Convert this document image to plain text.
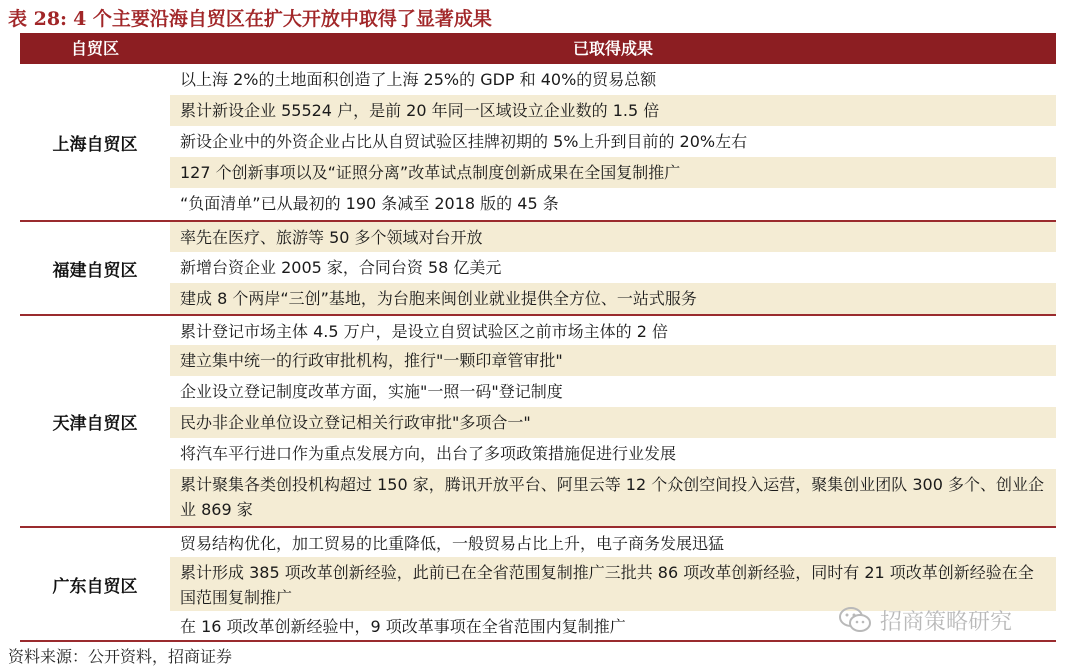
表 28: 4 个主要沿海自贸区在扩大开放中取得了显著成果
自贸区	已取得成果
上海自贸区
以上海 2%的土地面积创造了上海 25%的 GDP 和 40%的贸易总额
累计新设企业 55524 户，是前 20 年同一区域设立企业数的 1.5 倍
新设企业中的外资企业占比从自贸试验区挂牌初期的 5%上升到目前的 20%左右
127 个创新事项以及“证照分离”改革试点制度创新成果在全国复制推广
“负面清单”已从最初的 190 条减至 2018 版的 45 条
福建自贸区
率先在医疗、旅游等 50 多个领域对台开放
新增台资企业 2005 家，合同台资 58 亿美元
建成 8 个两岸“三创”基地，为台胞来闽创业就业提供全方位、一站式服务
天津自贸区
累计登记市场主体 4.5 万户，是设立自贸试验区之前市场主体的 2 倍
建立集中统一的行政审批机构，推行"一颗印章管审批"
企业设立登记制度改革方面，实施"一照一码"登记制度
民办非企业单位设立登记相关行政审批"多项合一"
将汽车平行进口作为重点发展方向，出台了多项政策措施促进行业发展
累计聚集各类创投机构超过 150 家，腾讯开放平台、阿里云等 12 个众创空间投入运营，聚集创业团队 300 多个、创业企业 869 家
广东自贸区
贸易结构优化，加工贸易的比重降低，一般贸易占比上升，电子商务发展迅猛
累计形成 385 项改革创新经验，此前已在全省范围复制推广三批共 86 项改革创新经验，同时有 21 项改革创新经验在全国范围复制推广
在 16 项改革创新经验中，9 项改革事项在全省范围内复制推广	招商策略研究
资料来源：公开资料，招商证券
